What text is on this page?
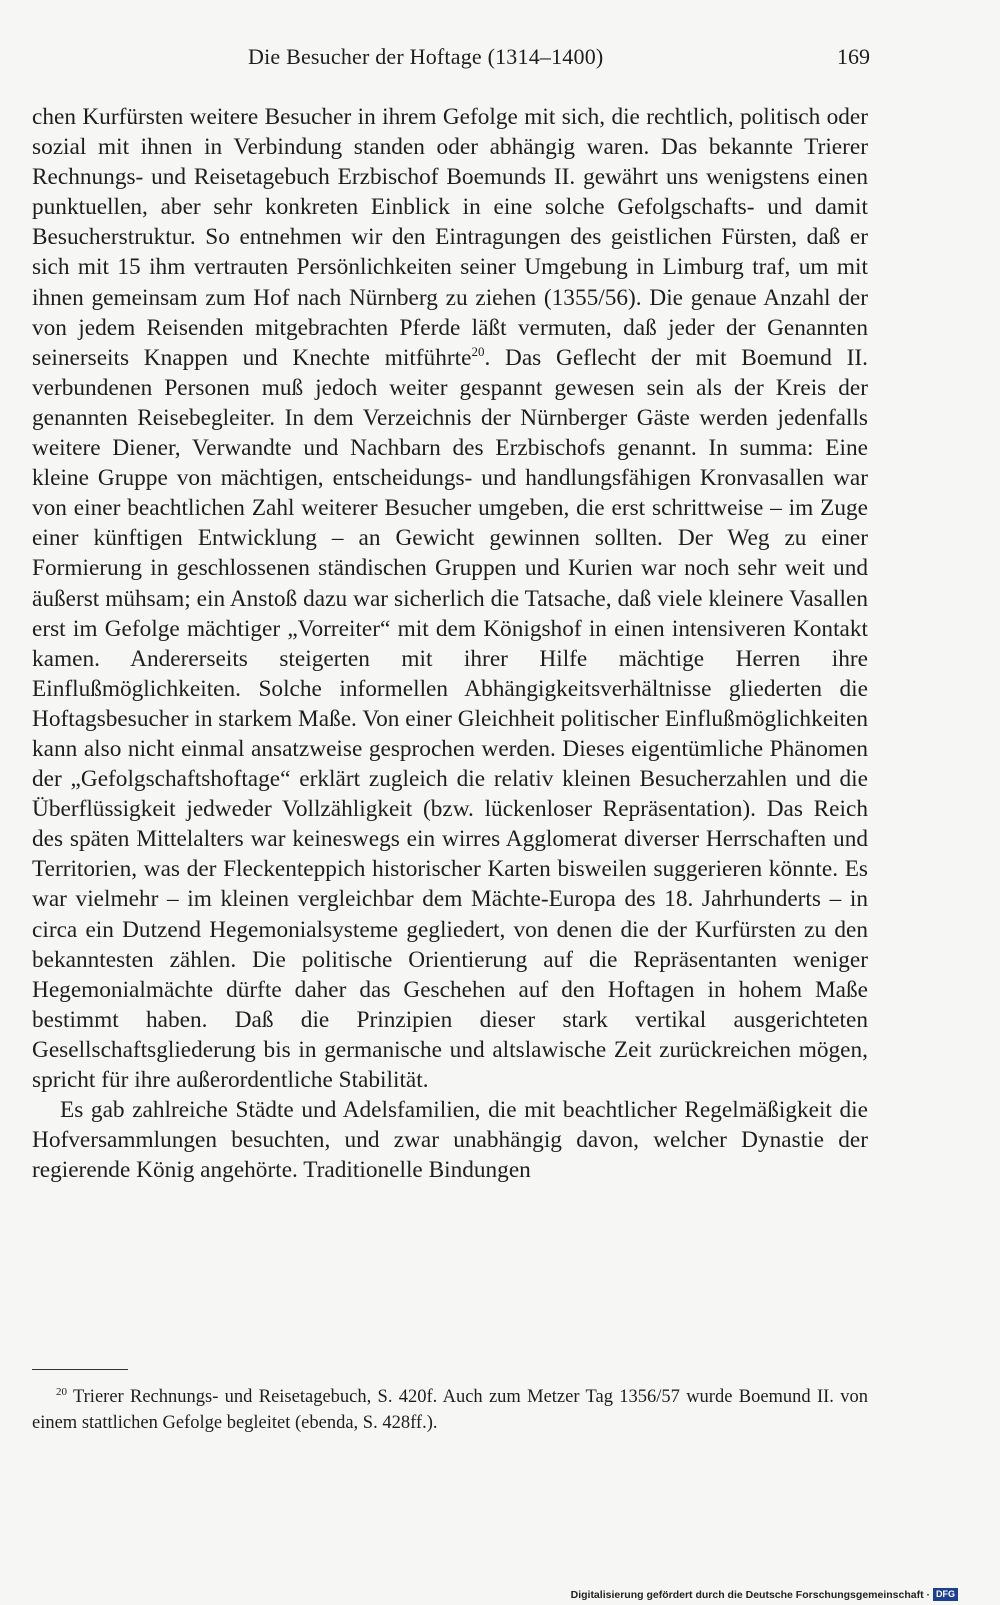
Die Besucher der Hoftage (1314–1400)	169

chen Kurfürsten weitere Besucher in ihrem Gefolge mit sich, die rechtlich, politisch oder sozial mit ihnen in Verbindung standen oder abhängig waren. Das bekannte Trierer Rechnungs- und Reisetagebuch Erzbischof Boemunds II. gewährt uns wenigstens einen punktuellen, aber sehr konkreten Einblick in eine solche Gefolgschafts- und damit Besucherstruktur. So entnehmen wir den Eintragungen des geistlichen Fürsten, daß er sich mit 15 ihm vertrauten Persönlichkeiten seiner Umgebung in Limburg traf, um mit ihnen gemeinsam zum Hof nach Nürnberg zu ziehen (1355/56). Die genaue Anzahl der von jedem Reisenden mitgebrachten Pferde läßt vermuten, daß jeder der Genannten seinerseits Knappen und Knechte mitführte$^{20}$. Das Geflecht der mit Boemund II. verbundenen Personen muß jedoch weiter gespannt gewesen sein als der Kreis der genannten Reisebegleiter. In dem Verzeichnis der Nürnberger Gäste werden jedenfalls weitere Diener, Verwandte und Nachbarn des Erzbischofs genannt. In summa: Eine kleine Gruppe von mächtigen, entscheidungs- und handlungsfähigen Kronvasallen war von einer beachtlichen Zahl weiterer Besucher umgeben, die erst schrittweise – im Zuge einer künftigen Entwicklung – an Gewicht gewinnen sollten. Der Weg zu einer Formierung in geschlossenen ständischen Gruppen und Kurien war noch sehr weit und äußerst mühsam; ein Anstoß dazu war sicherlich die Tatsache, daß viele kleinere Vasallen erst im Gefolge mächtiger „Vorreiter“ mit dem Königshof in einen intensiveren Kontakt kamen. Andererseits steigerten mit ihrer Hilfe mächtige Herren ihre Einflußmöglichkeiten. Solche informellen Abhängigkeitsverhältnisse gliederten die Hoftagsbesucher in starkem Maße. Von einer Gleichheit politischer Einflußmöglichkeiten kann also nicht einmal ansatzweise gesprochen werden. Dieses eigentümliche Phänomen der „Gefolgschaftshoftage“ erklärt zugleich die relativ kleinen Besucherzahlen und die Überflüssigkeit jedweder Vollzähligkeit (bzw. lückenloser Repräsentation). Das Reich des späten Mittelalters war keineswegs ein wirres Agglomerat diverser Herrschaften und Territorien, was der Fleckenteppich historischer Karten bisweilen suggerieren könnte. Es war vielmehr – im kleinen vergleichbar dem Mächte-Europa des 18. Jahrhunderts – in circa ein Dutzend Hegemonialsysteme gegliedert, von denen die der Kurfürsten zu den bekanntesten zählen. Die politische Orientierung auf die Repräsentanten weniger Hegemonialmächte dürfte daher das Geschehen auf den Hoftagen in hohem Maße bestimmt haben. Daß die Prinzipien dieser stark vertikal ausgerichteten Gesellschaftsgliederung bis in germanische und altslawische Zeit zurückreichen mögen, spricht für ihre außerordentliche Stabilität.

Es gab zahlreiche Städte und Adelsfamilien, die mit beachtlicher Regelmäßigkeit die Hofversammlungen besuchten, und zwar unabhängig davon, welcher Dynastie der regierende König angehörte. Traditionelle Bindungen

$^{20}$ Trierer Rechnungs- und Reisetagebuch, S. 420f. Auch zum Metzer Tag 1356/57 wurde Boemund II. von einem stattlichen Gefolge begleitet (ebenda, S. 428ff.).

Digitalisierung gefördert durch die Deutsche Forschungsgemeinschaft · DFG
